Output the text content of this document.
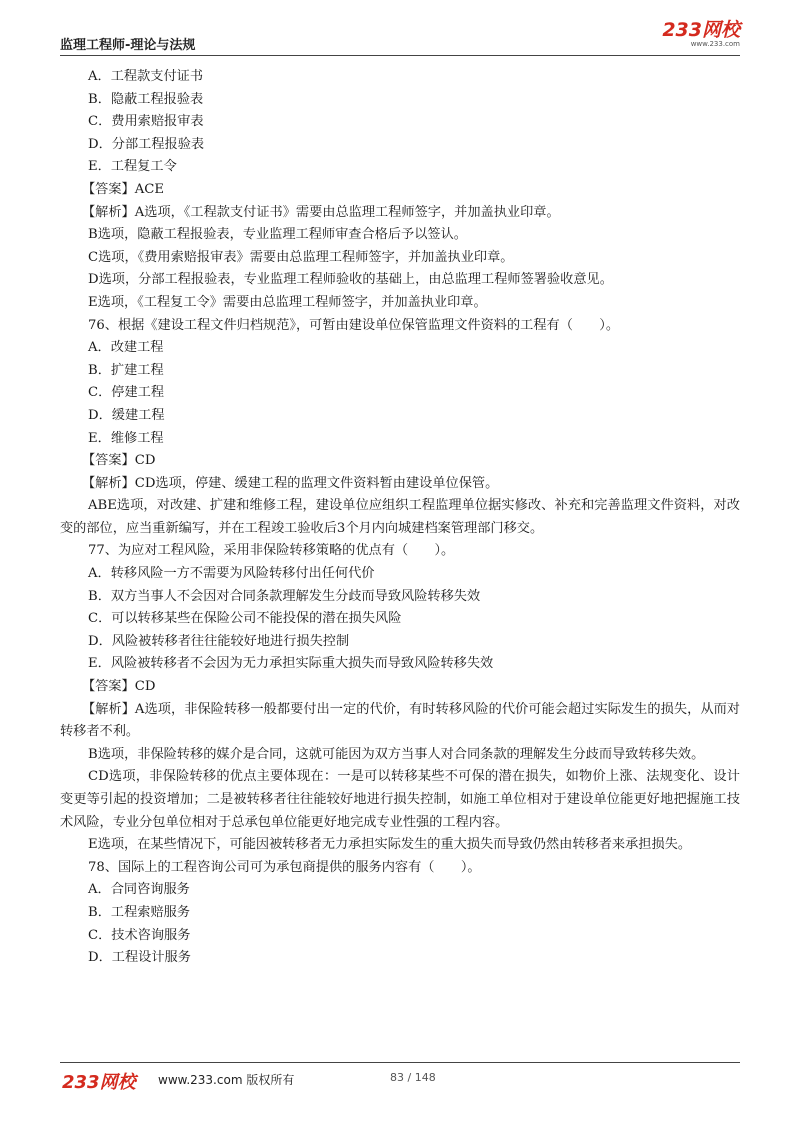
监理工程师-理论与法规
233网校
www.233.com
A．工程款支付证书
B．隐蔽工程报验表
C．费用索赔报审表
D．分部工程报验表
E．工程复工令
【答案】ACE
【解析】A选项，《工程款支付证书》需要由总监理工程师签字，并加盖执业印章。
B选项，隐蔽工程报验表，专业监理工程师审查合格后予以签认。
C选项，《费用索赔报审表》需要由总监理工程师签字，并加盖执业印章。
D选项，分部工程报验表，专业监理工程师验收的基础上，由总监理工程师签署验收意见。
E选项，《工程复工令》需要由总监理工程师签字，并加盖执业印章。
76、根据《建设工程文件归档规范》，可暂由建设单位保管监理文件资料的工程有（　　）。
A．改建工程
B．扩建工程
C．停建工程
D．缓建工程
E．维修工程
【答案】CD
【解析】CD选项，停建、缓建工程的监理文件资料暂由建设单位保管。
ABE选项，对改建、扩建和维修工程，建设单位应组织工程监理单位据实修改、补充和完善监理文件资料，对改变的部位，应当重新编写，并在工程竣工验收后3个月内向城建档案管理部门移交。
77、为应对工程风险，采用非保险转移策略的优点有（　　）。
A．转移风险一方不需要为风险转移付出任何代价
B．双方当事人不会因对合同条款理解发生分歧而导致风险转移失效
C．可以转移某些在保险公司不能投保的潜在损失风险
D．风险被转移者往往能较好地进行损失控制
E．风险被转移者不会因为无力承担实际重大损失而导致风险转移失效
【答案】CD
【解析】A选项，非保险转移一般都要付出一定的代价，有时转移风险的代价可能会超过实际发生的损失，从而对转移者不利。
B选项，非保险转移的媒介是合同，这就可能因为双方当事人对合同条款的理解发生分歧而导致转移失效。
CD选项，非保险转移的优点主要体现在：一是可以转移某些不可保的潜在损失，如物价上涨、法规变化、设计变更等引起的投资增加；二是被转移者往往能较好地进行损失控制，如施工单位相对于建设单位能更好地把握施工技术风险，专业分包单位相对于总承包单位能更好地完成专业性强的工程内容。
E选项，在某些情况下，可能因被转移者无力承担实际发生的重大损失而导致仍然由转移者来承担损失。
78、国际上的工程咨询公司可为承包商提供的服务内容有（　　）。
A．合同咨询服务
B．工程索赔服务
C．技术咨询服务
D．工程设计服务
233网校 www.233.com 版权所有	83 / 148
